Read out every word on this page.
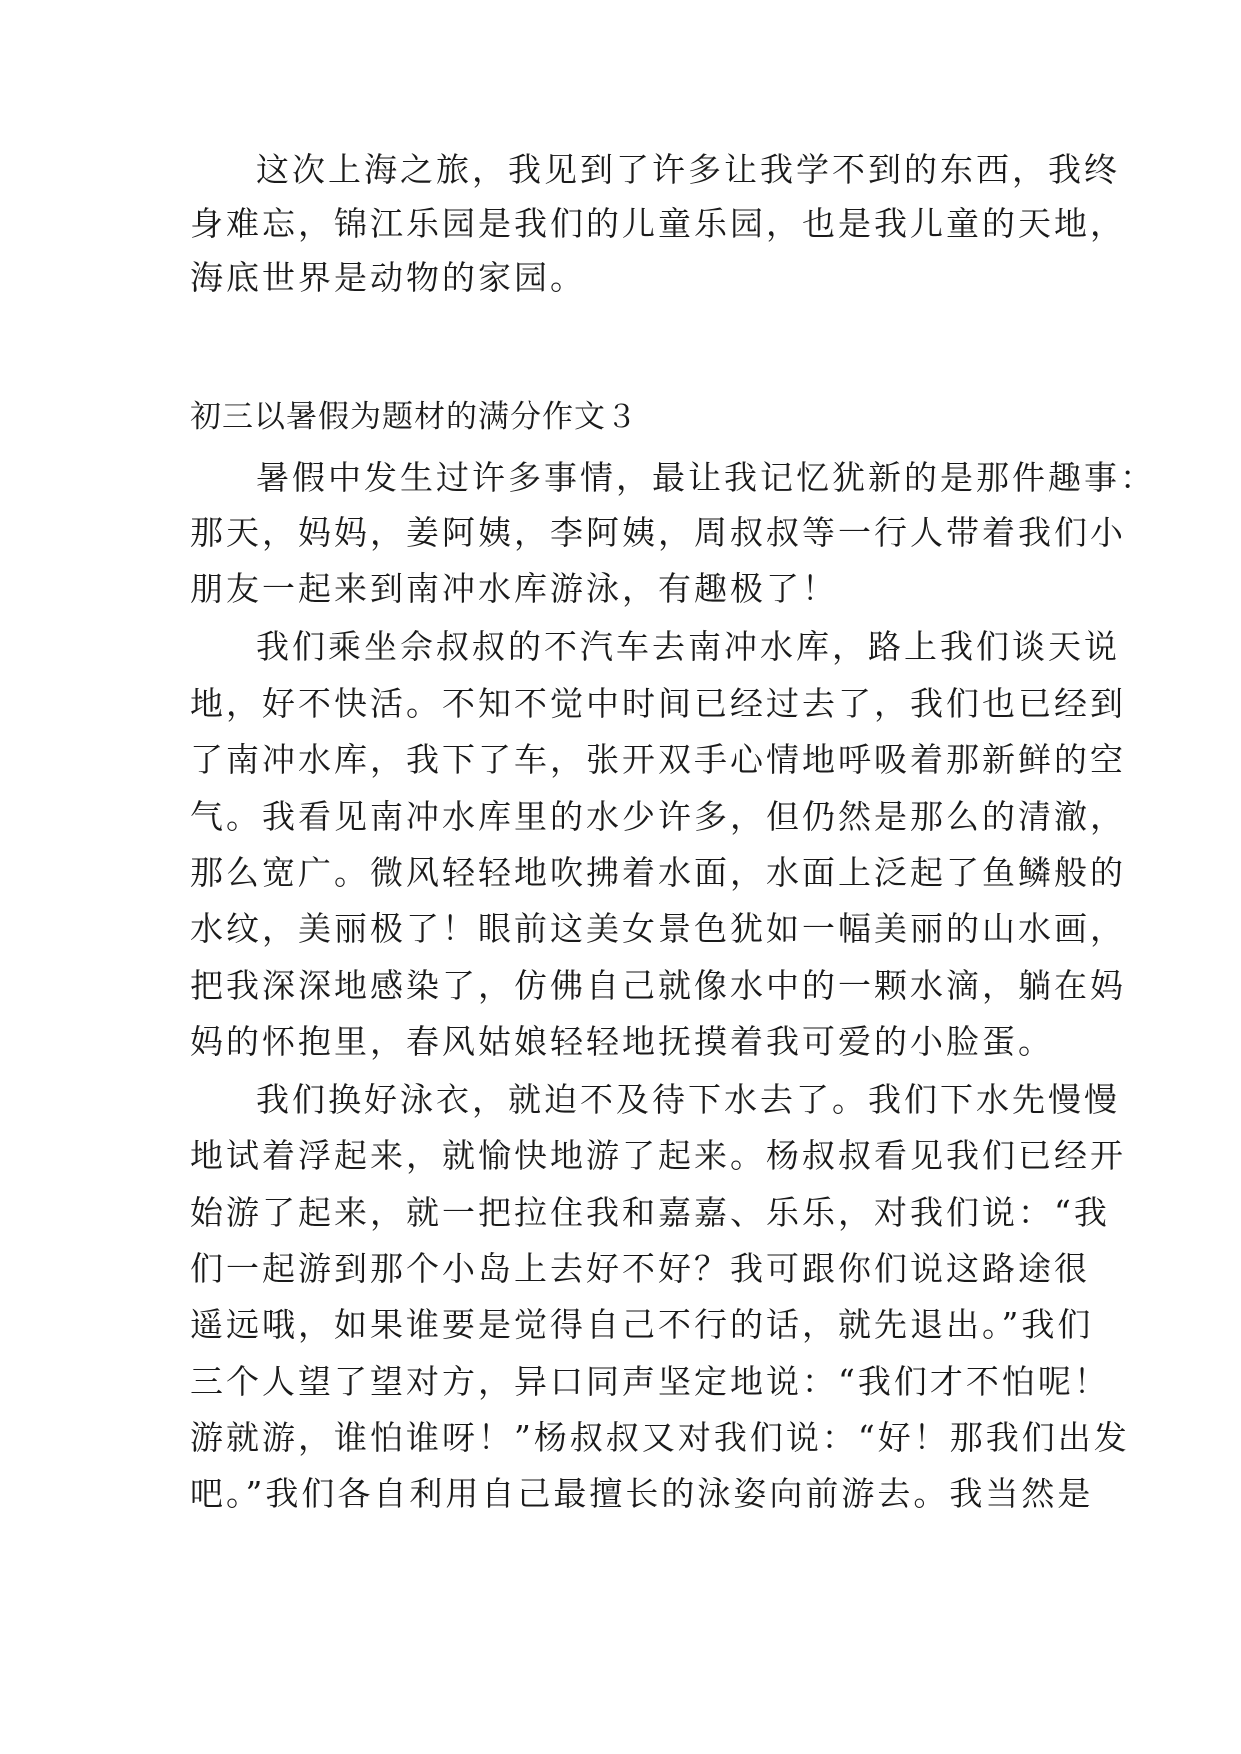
这次上海之旅，我见到了许多让我学不到的东西，我终
身难忘，锦江乐园是我们的儿童乐园，也是我儿童的天地，
海底世界是动物的家园。
初三以暑假为题材的满分作文３
暑假中发生过许多事情，最让我记忆犹新的是那件趣事：
那天，妈妈，姜阿姨，李阿姨，周叔叔等一行人带着我们小
朋友一起来到南冲水库游泳，有趣极了！
我们乘坐佘叔叔的不汽车去南冲水库，路上我们谈天说
地，好不快活。不知不觉中时间已经过去了，我们也已经到
了南冲水库，我下了车，张开双手心情地呼吸着那新鲜的空
气。我看见南冲水库里的水少许多，但仍然是那么的清澈，
那么宽广。微风轻轻地吹拂着水面，水面上泛起了鱼鳞般的
水纹，美丽极了！眼前这美女景色犹如一幅美丽的山水画，
把我深深地感染了，仿佛自己就像水中的一颗水滴，躺在妈
妈的怀抱里，春风姑娘轻轻地抚摸着我可爱的小脸蛋。
我们换好泳衣，就迫不及待下水去了。我们下水先慢慢
地试着浮起来，就愉快地游了起来。杨叔叔看见我们已经开
始游了起来，就一把拉住我和嘉嘉、乐乐，对我们说：“我
们一起游到那个小岛上去好不好？我可跟你们说这路途很
遥远哦，如果谁要是觉得自己不行的话，就先退出。”我们
三个人望了望对方，异口同声坚定地说：“我们才不怕呢！
游就游，谁怕谁呀！”杨叔叔又对我们说：“好！那我们出发
吧。”我们各自利用自己最擅长的泳姿向前游去。我当然是
